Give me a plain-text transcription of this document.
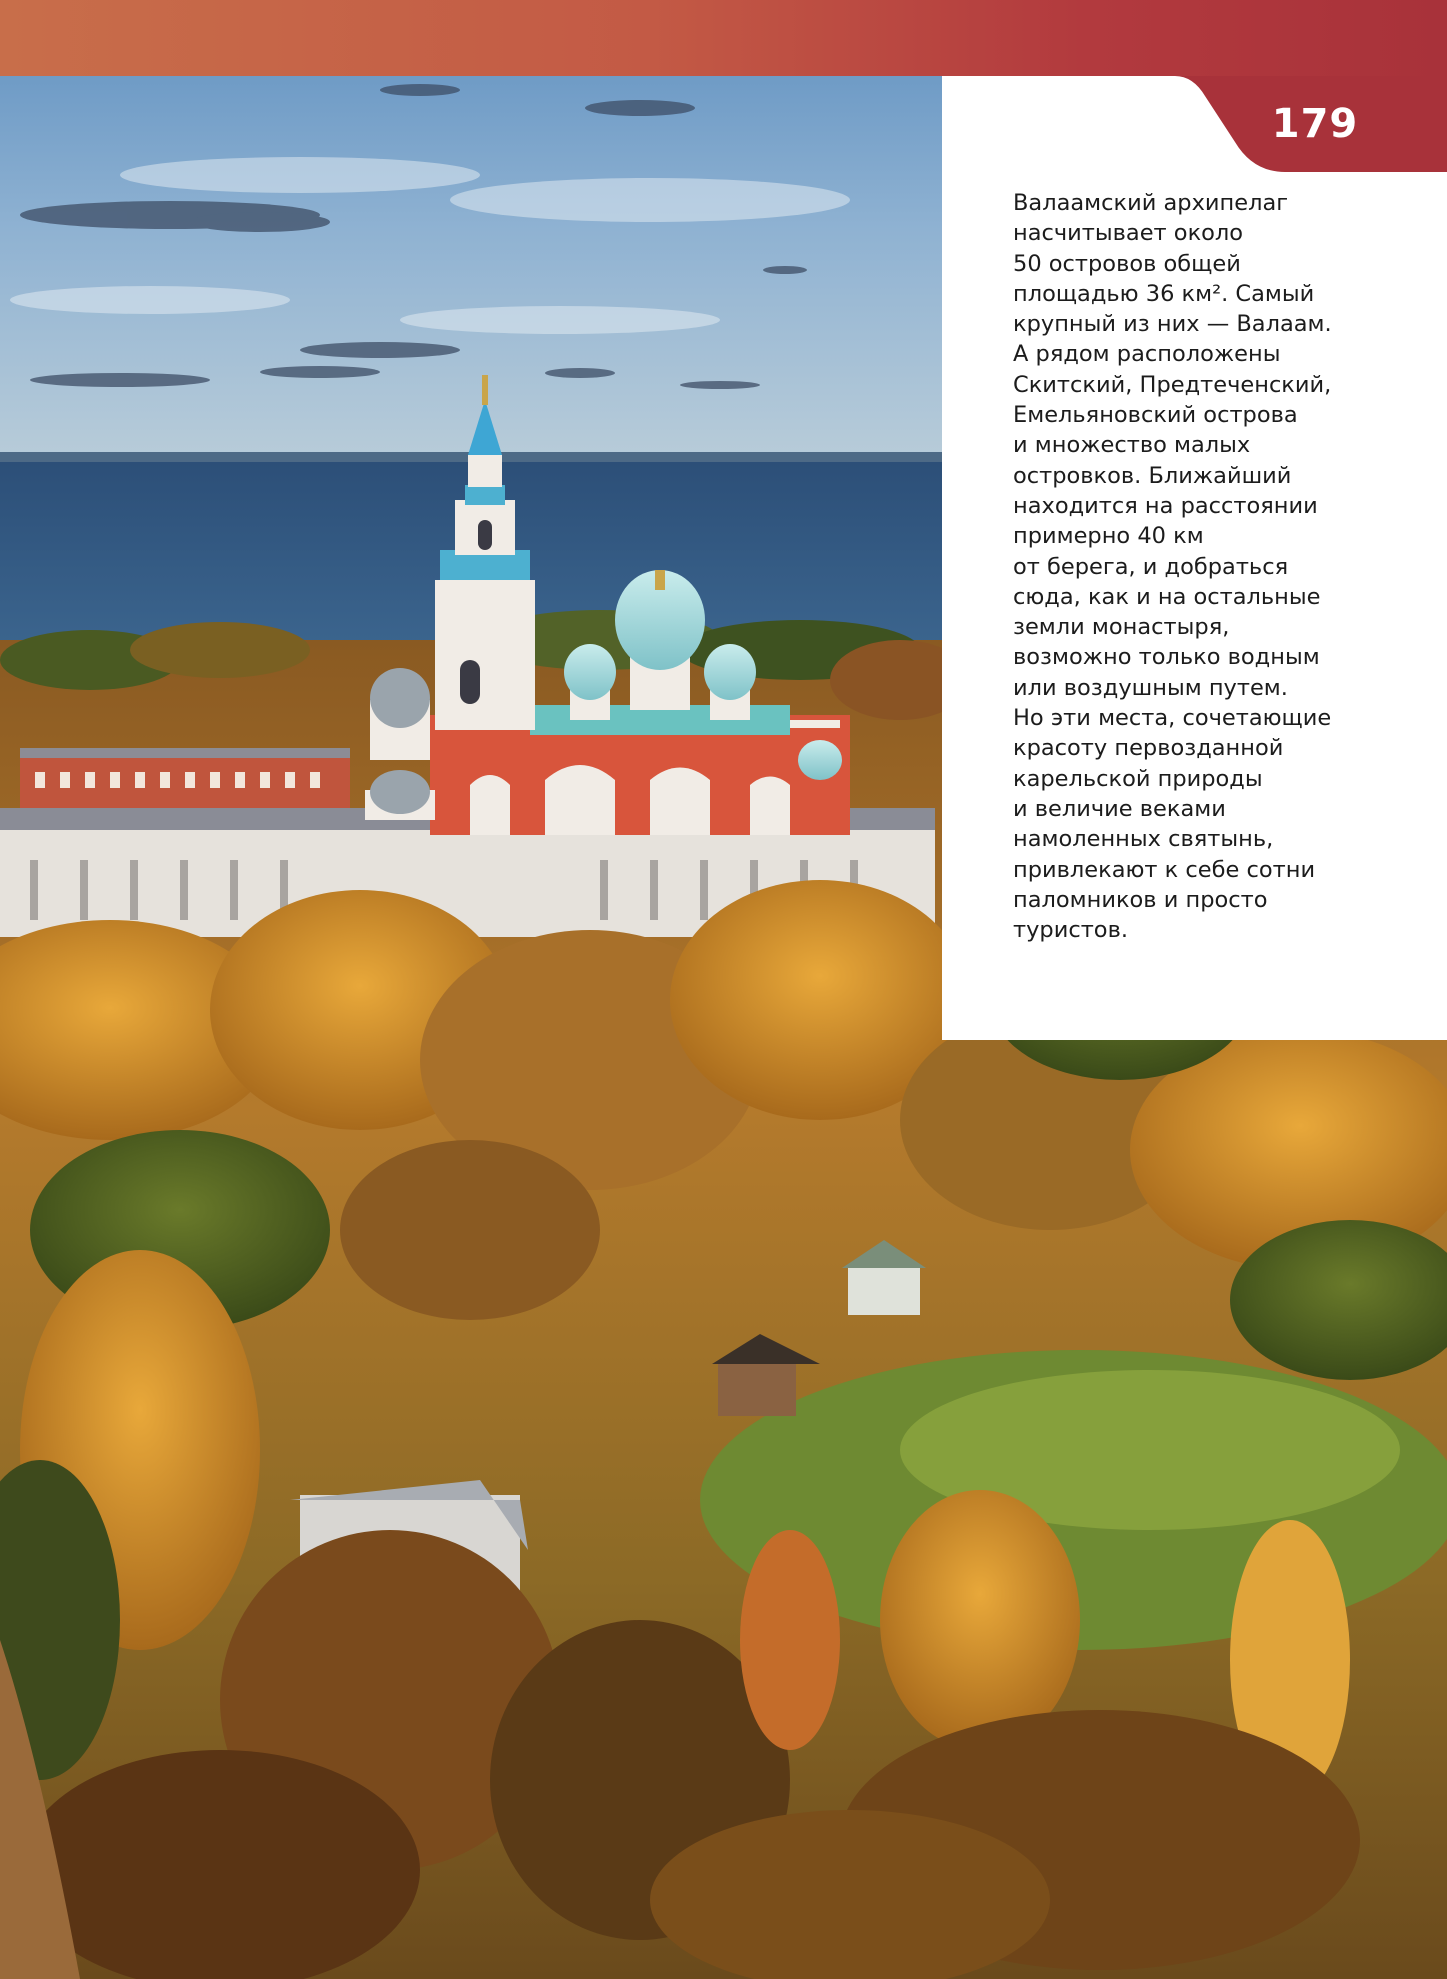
179

Валаамский архипелаг
насчитывает около
50 островов общей
площадью 36 км². Самый
крупный из них — Валаам.
А рядом расположены
Скитский, Предтеченский,
Емельяновский острова
и множество малых
островков. Ближайший
находится на расстоянии
примерно 40 км
от берега, и добраться
сюда, как и на остальные
земли монастыря,
возможно только водным
или воздушным путем.
Но эти места, сочетающие
красоту первозданной
карельской природы
и величие веками
намоленных святынь,
привлекают к себе сотни
паломников и просто
туристов.
